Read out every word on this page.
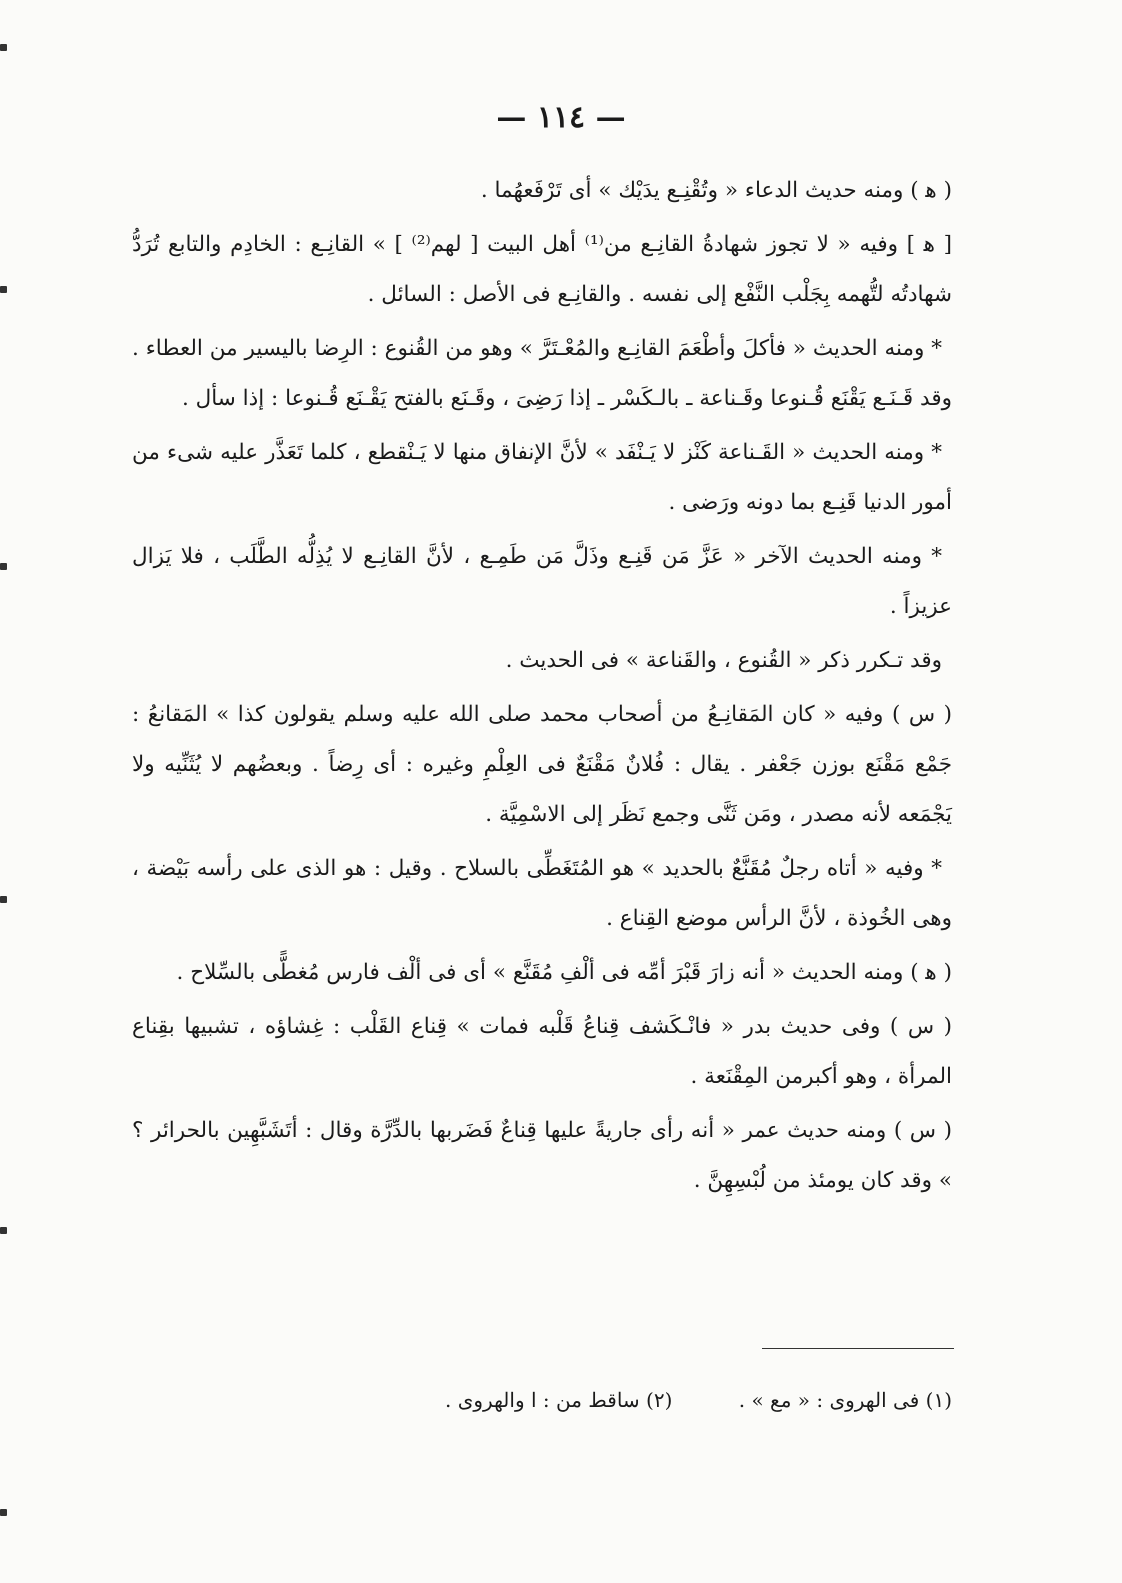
— ١١٤ —

( ﻫ ) ومنه حديث الدعاء « وتُقْنِـع يدَيْك » أى تَرْفَعهُما .

[ ﻫ ] وفيه « لا تجوز شهادةُ القانِـع من⁽¹⁾ أهل البيت [ لهم⁽²⁾ ] » القانِـع : الخادِم والتابع تُرَدُّ شهادتُه لتُّهمه بِجَلْب النَّفْع إلى نفسه . والقانِـع فى الأصل : السائل .

* ومنه الحديث « فأكلَ وأطْعَمَ القانِـع والمُعْـتَرَّ » وهو من القُنوع : الرِضا باليسير من العطاء . وقد قَـنَـع يَقْنَع قُـنوعا وقَـناعة ـ بالـكَسْر ـ إذا رَضِىَ ، وقَـنَع بالفتح يَقْـنَع قُـنوعا : إذا سأل .

* ومنه الحديث « القَـناعة كَنْز لا يَـنْفَد » لأنَّ الإنفاق منها لا يَـنْقطع ، كلما تَعَذَّر عليه شىء من أمور الدنيا قَنِـع بما دونه ورَضى .

* ومنه الحديث الآخر « عَزَّ مَن قَنِـع وذَلَّ مَن طَمِـع ، لأنَّ القانِـع لا يُذِلُّه الطَّلَب ، فلا يَزال عزيزاً .

وقد تـكرر ذكر « القُنوع ، والقَناعة » فى الحديث .

( س ) وفيه « كان المَقانِـعُ من أصحاب محمد صلى الله عليه وسلم يقولون كذا » المَقانعُ : جَمْع مَقْنَع بوزن جَعْفر . يقال : فُلانٌ مَقْنَعٌ فى العِلْمِ وغيره : أى رِضاً . وبعضُهم لا يُثَنِّيه ولا يَجْمَعه لأنه مصدر ، ومَن ثَنَّى وجمع نَظَر إلى الاسْمِيَّة .

* وفيه « أتاه رجلٌ مُقَنَّعٌ بالحديد » هو المُتَغَطِّى بالسلاح . وقيل : هو الذى على رأسه بَيْضة ، وهى الخُوذة ، لأنَّ الرأس موضع القِناع .

( ﻫ ) ومنه الحديث « أنه زارَ قَبْرَ أمِّه فى ألْفِ مُقَنَّع » أى فى ألْف فارس مُغطًّى بالسِّلاح .

( س ) وفى حديث بدر « فانْـكَشف قِناعُ قَلْبه فمات » قِناع القَلْب : غِشاؤه ، تشبيها بقِناع المرأة ، وهو أكبرمن المِقْنَعة .

( س ) ومنه حديث عمر « أنه رأى جاريةً عليها قِناعٌ فَضَربها بالدِّرَّة وقال : أتَشَبَّهِين بالحرائر ؟ » وقد كان يومئذ من لُبْسِهِنَّ .

(١) فى الهروى : « مع » . (٢) ساقط من : ا والهروى .
